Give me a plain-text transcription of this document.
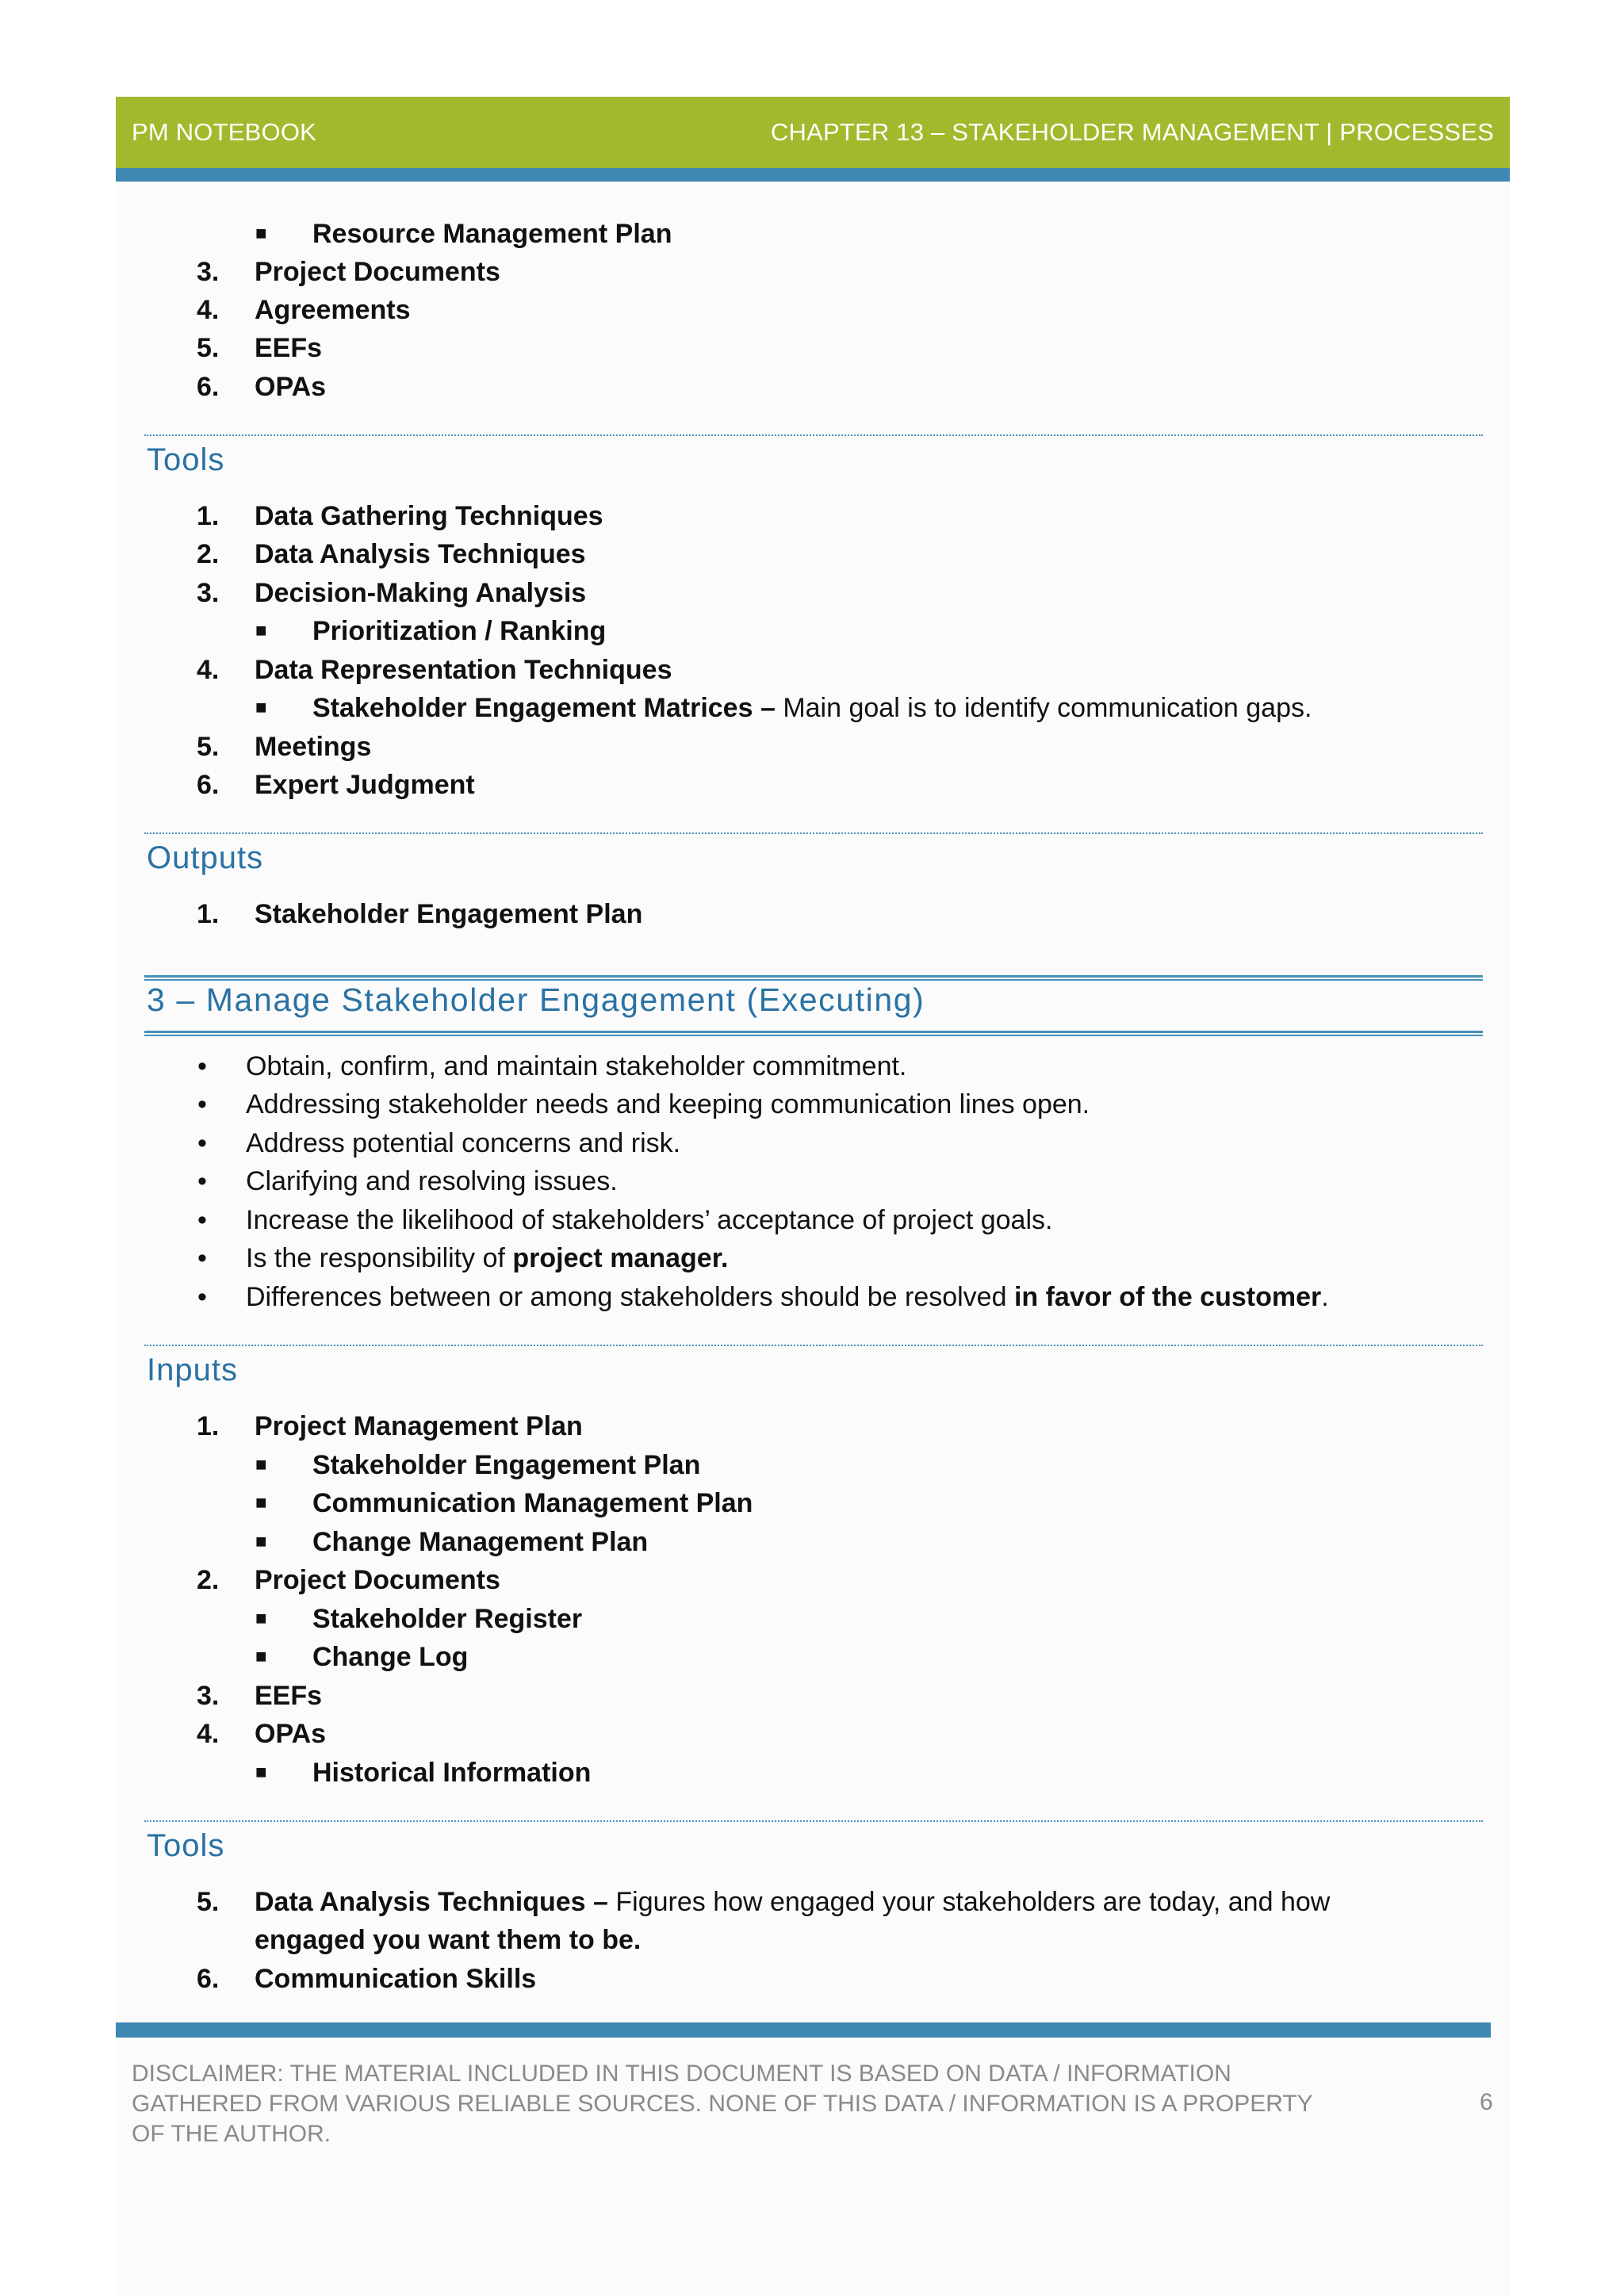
PM NOTEBOOK	CHAPTER 13 – STAKEHOLDER MANAGEMENT | PROCESSES
■ Resource Management Plan
3.	Project Documents
4.	Agreements
5.	EEFs
6.	OPAs
Tools
1.	Data Gathering Techniques
2.	Data Analysis Techniques
3.	Decision-Making Analysis
■ Prioritization / Ranking
4.	Data Representation Techniques
■ Stakeholder Engagement Matrices – Main goal is to identify communication gaps.
5.	Meetings
6.	Expert Judgment
Outputs
1.	Stakeholder Engagement Plan
3 – Manage Stakeholder Engagement (Executing)
• Obtain, confirm, and maintain stakeholder commitment.
• Addressing stakeholder needs and keeping communication lines open.
• Address potential concerns and risk.
• Clarifying and resolving issues.
• Increase the likelihood of stakeholders’ acceptance of project goals.
• Is the responsibility of project manager.
• Differences between or among stakeholders should be resolved in favor of the customer.
Inputs
1.	Project Management Plan
■ Stakeholder Engagement Plan
■ Communication Management Plan
■ Change Management Plan
2.	Project Documents
■ Stakeholder Register
■ Change Log
3.	EEFs
4.	OPAs
■ Historical Information
Tools
5.	Data Analysis Techniques – Figures how engaged your stakeholders are today, and how
engaged you want them to be.
6.	Communication Skills
DISCLAIMER: THE MATERIAL INCLUDED IN THIS DOCUMENT IS BASED ON DATA / INFORMATION
GATHERED FROM VARIOUS RELIABLE SOURCES. NONE OF THIS DATA / INFORMATION IS A PROPERTY
OF THE AUTHOR.
6
